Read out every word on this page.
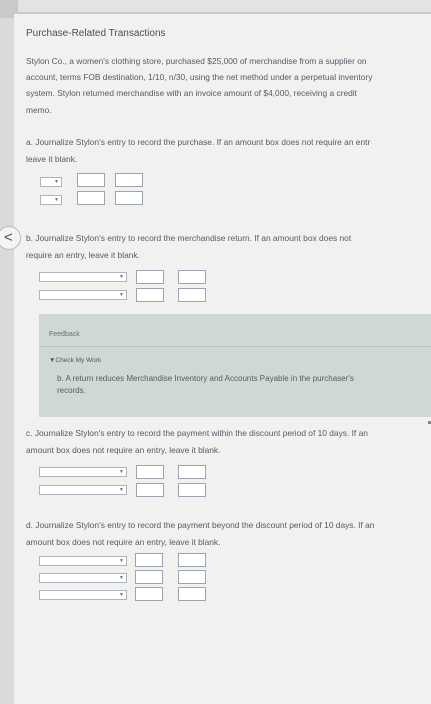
Purchase-Related Transactions
Stylon Co., a women's clothing store, purchased $25,000 of merchandise from a supplier on
account, terms FOB destination, 1/10, n/30, using the net method under a perpetual inventory
system. Stylon returned merchandise with an invoice amount of $4,000, receiving a credit
memo.
a. Journalize Stylon's entry to record the purchase. If an amount box does not require an entr
leave it blank.
▼
▼
b. Journalize Stylon's entry to record the merchandise return. If an amount box does not
require an entry, leave it blank.
▼
▼
Feedback
▼Check My Work
b. A return reduces Merchandise Inventory and Accounts Payable in the purchaser's
records.
c. Journalize Stylon's entry to record the payment within the discount period of 10 days. If an
amount box does not require an entry, leave it blank.
▼
▼
d. Journalize Stylon's entry to record the payment beyond the discount period of 10 days. If an
amount box does not require an entry, leave it blank.
▼
▼
▼
<
